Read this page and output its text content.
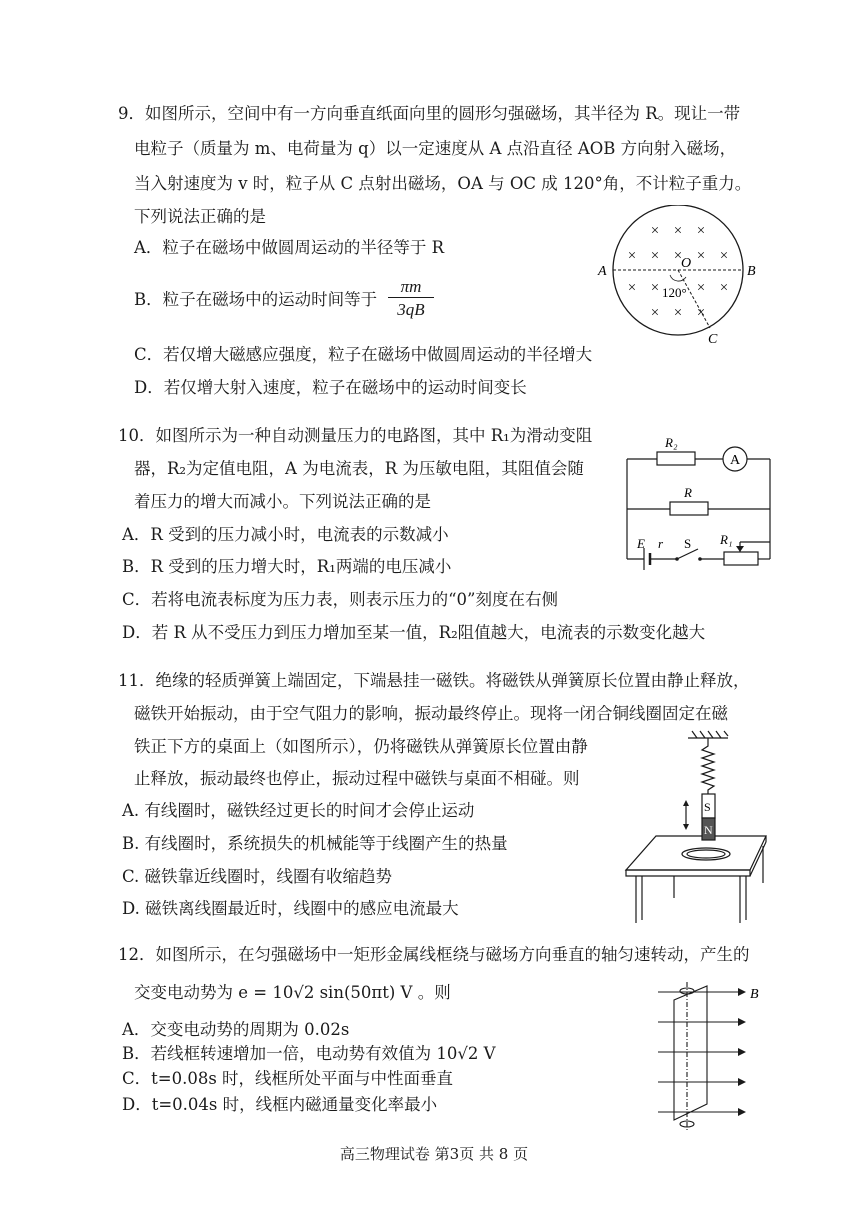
9．如图所示，空间中有一方向垂直纸面向里的圆形匀强磁场，其半径为 R。现让一带
电粒子（质量为 m、电荷量为 q）以一定速度从 A 点沿直径 AOB 方向射入磁场，
当入射速度为 v 时，粒子从 C 点射出磁场，OA 与 OC 成 120°角，不计粒子重力。
下列说法正确的是
A．粒子在磁场中做圆周运动的半径等于 R
B．粒子在磁场中的运动时间等于 $\frac{\pi m}{3qB}$
C．若仅增大磁感应强度，粒子在磁场中做圆周运动的半径增大
D．若仅增大射入速度，粒子在磁场中的运动时间变长
× × ×
× × × × ×
× ×	× ×
× × ×
A	B
O
C
120°
10．如图所示为一种自动测量压力的电路图，其中 R₁为滑动变阻
器，R₂为定值电阻，A 为电流表，R 为压敏电阻，其阻值会随
着压力的增大而减小。下列说法正确的是
A．R 受到的压力减小时，电流表的示数减小
B．R 受到的压力增大时，R₁两端的电压减小
C．若将电流表标度为压力表，则表示压力的“0”刻度在右侧
D．若 R 从不受压力到压力增加至某一值，R₂阻值越大，电流表的示数变化越大
R₂
A
R
E r S R₁
11．绝缘的轻质弹簧上端固定，下端悬挂一磁铁。将磁铁从弹簧原长位置由静止释放，
磁铁开始振动，由于空气阻力的影响，振动最终停止。现将一闭合铜线圈固定在磁
铁正下方的桌面上（如图所示），仍将磁铁从弹簧原长位置由静
止释放，振动最终也停止，振动过程中磁铁与桌面不相碰。则
A. 有线圈时，磁铁经过更长的时间才会停止运动
B. 有线圈时，系统损失的机械能等于线圈产生的热量
C. 磁铁靠近线圈时，线圈有收缩趋势
D. 磁铁离线圈最近时，线圈中的感应电流最大
S
N
12．如图所示，在匀强磁场中一矩形金属线框绕与磁场方向垂直的轴匀速转动，产生的
交变电动势为 e = 10√2 sin(50πt) V 。则
A．交变电动势的周期为 0.02s
B．若线框转速增加一倍，电动势有效值为 10√2 V
C．t=0.08s 时，线框所处平面与中性面垂直
D．t=0.04s 时，线框内磁通量变化率最小
B
高三物理试卷 第3页 共 8 页
